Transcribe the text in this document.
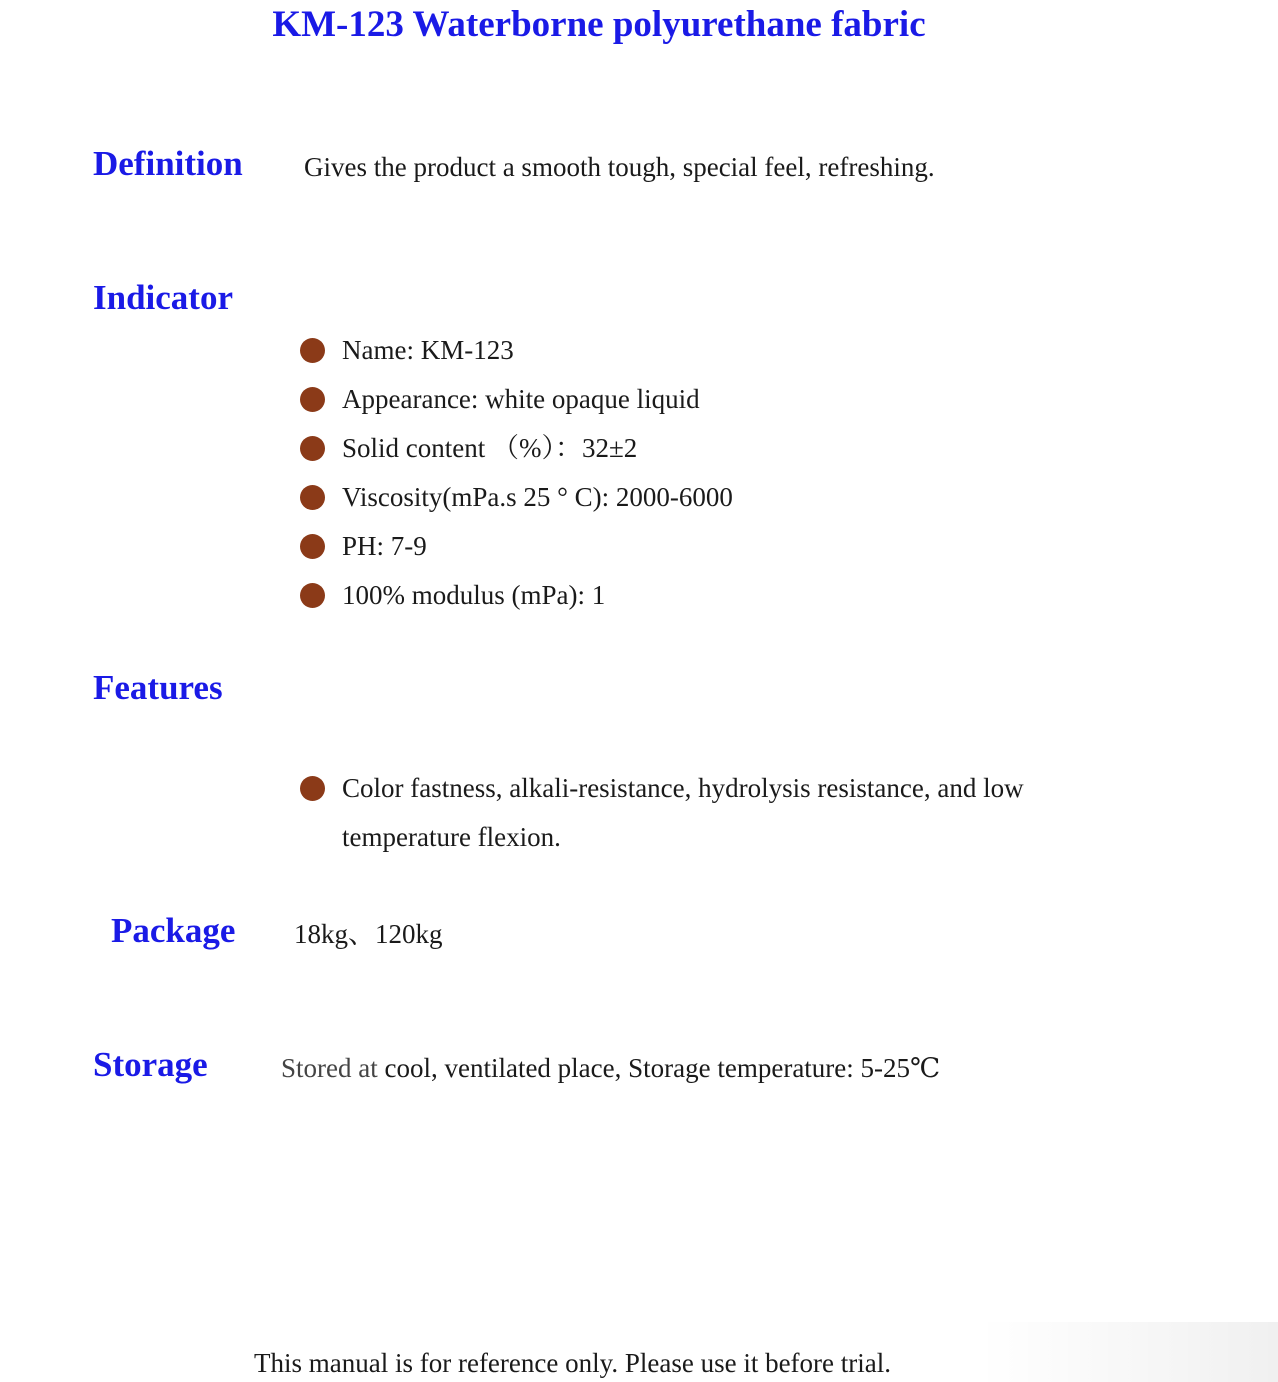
KM-123 Waterborne polyurethane fabric
Definition Gives the product a smooth tough, special feel, refreshing.
Indicator
Name: KM-123
Appearance: white opaque liquid
Solid content （%）：32±2
Viscosity(mPa.s 25 ° C): 2000-6000
PH: 7-9
100% modulus (mPa): 1
Features
Color fastness, alkali-resistance, hydrolysis resistance, and low temperature flexion.
Package 18kg、120kg
Storage	Stored at cool, ventilated place, Storage temperature: 5-25℃
This manual is for reference only. Please use it before trial.
